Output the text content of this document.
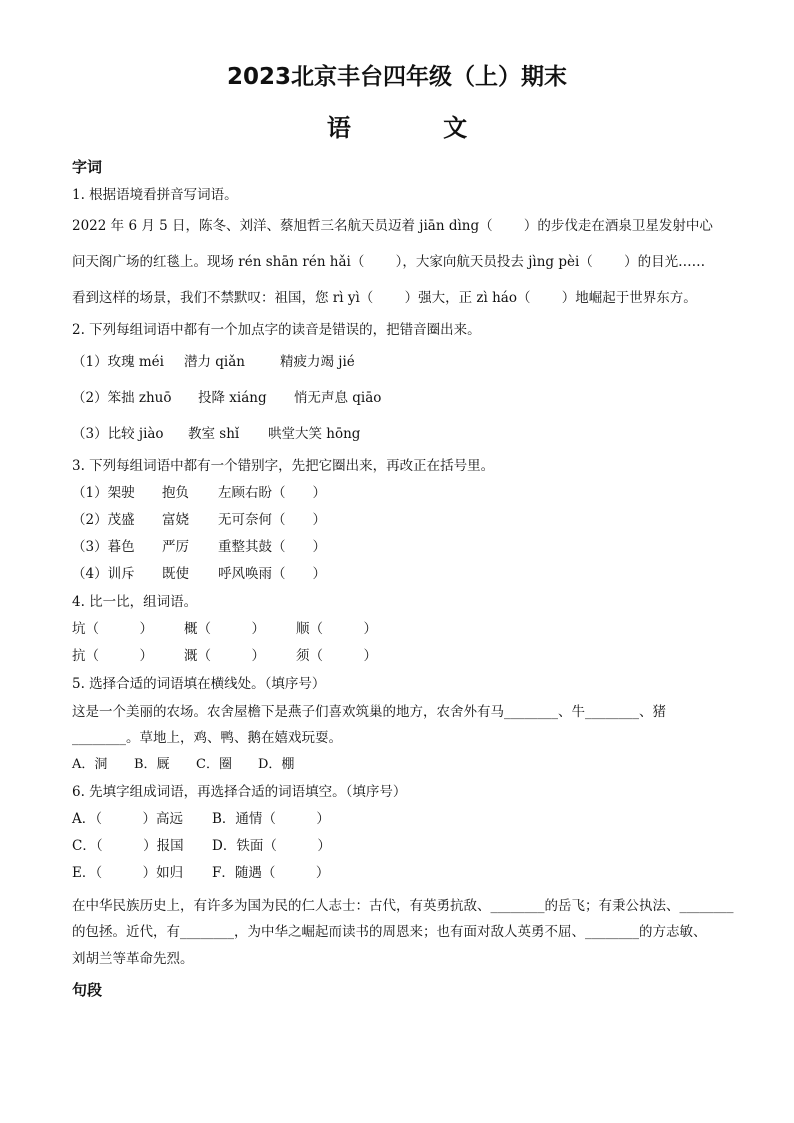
2023北京丰台四年级（上）期末
语 文
字词
1. 根据语境看拼音写词语。
2022 年 6 月 5 日，陈冬、刘洋、蔡旭哲三名航天员迈着 jiān dìng（　　 ）的步伐走在酒泉卫星发射中心
问天阁广场的红毯上。现场 rén shān rén hǎi（　　 ），大家向航天员投去 jìng pèi（　　 ）的目光……
看到这样的场景，我们不禁默叹：祖国，您 rì yì（　　 ）强大，正 zì háo（　　 ）地崛起于世界东方。
2. 下列每组词语中都有一个加点字的读音是错误的，把错音圈出来。
（1）玫瑰 méi 潜力 qiǎn	精疲力竭 jié
（2）笨拙 zhuō 投降 xiáng 悄无声息 qiāo
（3）比较 jiào 教室 shǐ 哄堂大笑 hōng
3. 下列每组词语中都有一个错别字，先把它圈出来，再改正在括号里。
（1）架驶 抱负 左顾右盼（　　）
（2）茂盛 富娆 无可奈何（　　）
（3）暮色 严厉 重整其鼓（　　）
（4）训斥 既使 呼风唤雨（　　）
4. 比一比，组词语。
坑（　　　） 概（　　　） 顺（　　　）
抗（　　　） 溉（　　　） 须（　　　）
5. 选择合适的词语填在横线处。（填序号）
这是一个美丽的农场。农舍屋檐下是燕子们喜欢筑巢的地方，农舍外有马________、牛________、猪
________。草地上，鸡、鸭、鹅在嬉戏玩耍。
A．洞 B．厩 C．圈 D．棚
6. 先填字组成词语，再选择合适的词语填空。（填序号）
A．（　　　）高远 B．通情（　　　）
C．（　　　）报国 D．铁面（　　　）
E．（　　　）如归 F．随遇（　　　）
在中华民族历史上，有许多为国为民的仁人志士：古代，有英勇抗敌、________的岳飞；有秉公执法、________
的包拯。近代，有________，为中华之崛起而读书的周恩来；也有面对敌人英勇不屈、________的方志敏、
刘胡兰等革命先烈。
句段
